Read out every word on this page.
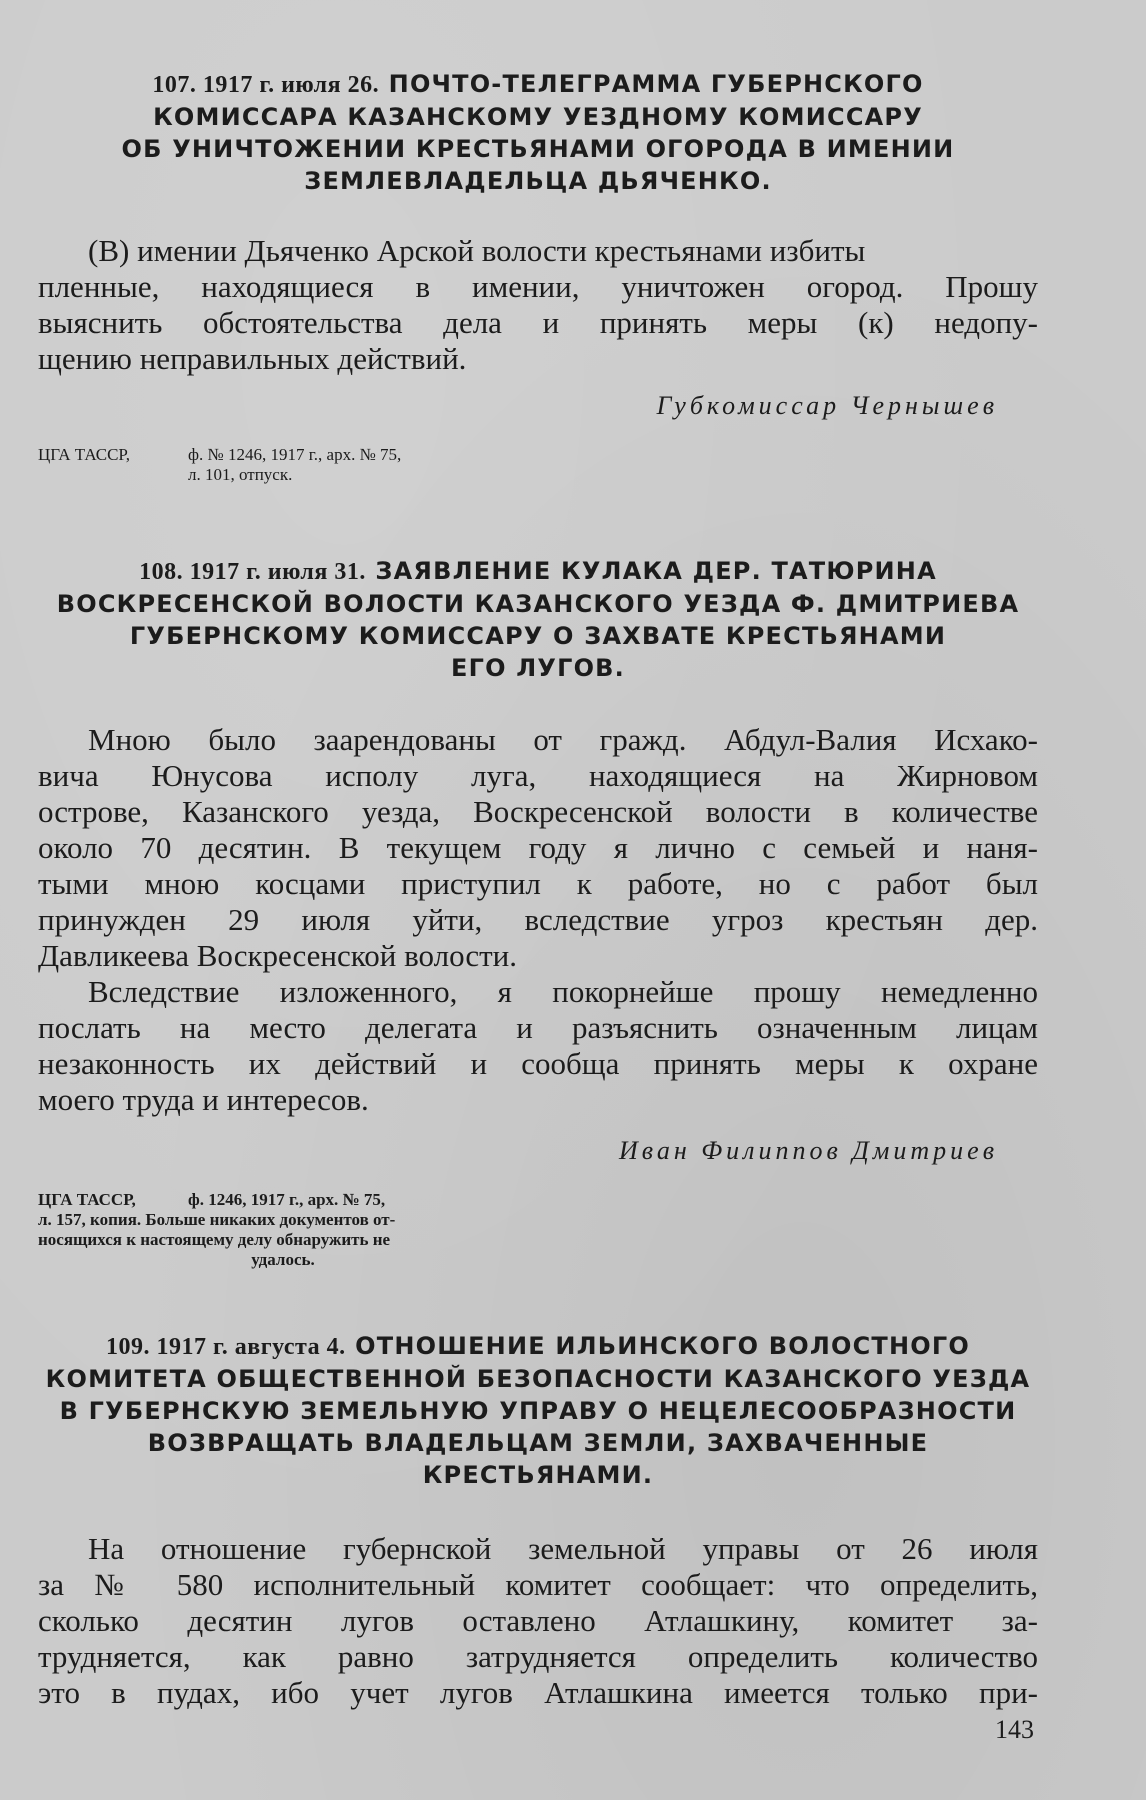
107. 1917 г. июля 26. ПОЧТО-ТЕЛЕГРАММА ГУБЕРНСКОГО
КОМИССАРА КАЗАНСКОМУ УЕЗДНОМУ КОМИССАРУ
ОБ УНИЧТОЖЕНИИ КРЕСТЬЯНАМИ ОГОРОДА В ИМЕНИИ
ЗЕМЛЕВЛАДЕЛЬЦА ДЬЯЧЕНКО.
(В) имении Дьяченко Арской волости крестьянами избиты
пленные, находящиеся в имении, уничтожен огород. Прошу
выяснить обстоятельства дела и принять меры (к) недопу-
щению неправильных действий.
Губкомиссар Чернышев
ЦГА ТАССР,	ф. № 1246, 1917 г., арх. № 75,
л. 101, отпуск.
108. 1917 г. июля 31. ЗАЯВЛЕНИЕ КУЛАКА ДЕР. ТАТЮРИНА
ВОСКРЕСЕНСКОЙ ВОЛОСТИ КАЗАНСКОГО УЕЗДА Ф. ДМИТРИЕВА
ГУБЕРНСКОМУ КОМИССАРУ О ЗАХВАТЕ КРЕСТЬЯНАМИ
ЕГО ЛУГОВ.
Мною было заарендованы от гражд. Абдул-Валия Исхако-
вича Юнусова исполу луга, находящиеся на Жирновом
острове, Казанского уезда, Воскресенской волости в количестве
около 70 десятин. В текущем году я лично с семьей и наня-
тыми мною косцами приступил к работе, но с работ был
принужден 29 июля уйти, вследствие угроз крестьян дер.
Давликеева Воскресенской волости.
Вследствие изложенного, я покорнейше прошу немедленно
послать на место делегата и разъяснить означенным лицам
незаконность их действий и сообща принять меры к охране
моего труда и интересов.
Иван Филиппов Дмитриев
ЦГА ТАССР,	ф. 1246, 1917 г., арх. № 75,
л. 157, копия. Больше никаких документов от-
носящихся к настоящему делу обнаружить не
удалось.
109. 1917 г. августа 4. ОТНОШЕНИЕ ИЛЬИНСКОГО ВОЛОСТНОГО
КОМИТЕТА ОБЩЕСТВЕННОЙ БЕЗОПАСНОСТИ КАЗАНСКОГО УЕЗДА
В ГУБЕРНСКУЮ ЗЕМЕЛЬНУЮ УПРАВУ О НЕЦЕЛЕСООБРАЗНОСТИ
ВОЗВРАЩАТЬ ВЛАДЕЛЬЦАМ ЗЕМЛИ, ЗАХВАЧЕННЫЕ
КРЕСТЬЯНАМИ.
На отношение губернской земельной управы от 26 июля
за № 580 исполнительный комитет сообщает: что определить,
сколько десятин лугов оставлено Атлашкину, комитет за-
трудняется, как равно затрудняется определить количество
это в пудах, ибо учет лугов Атлашкина имеется только при-
143
